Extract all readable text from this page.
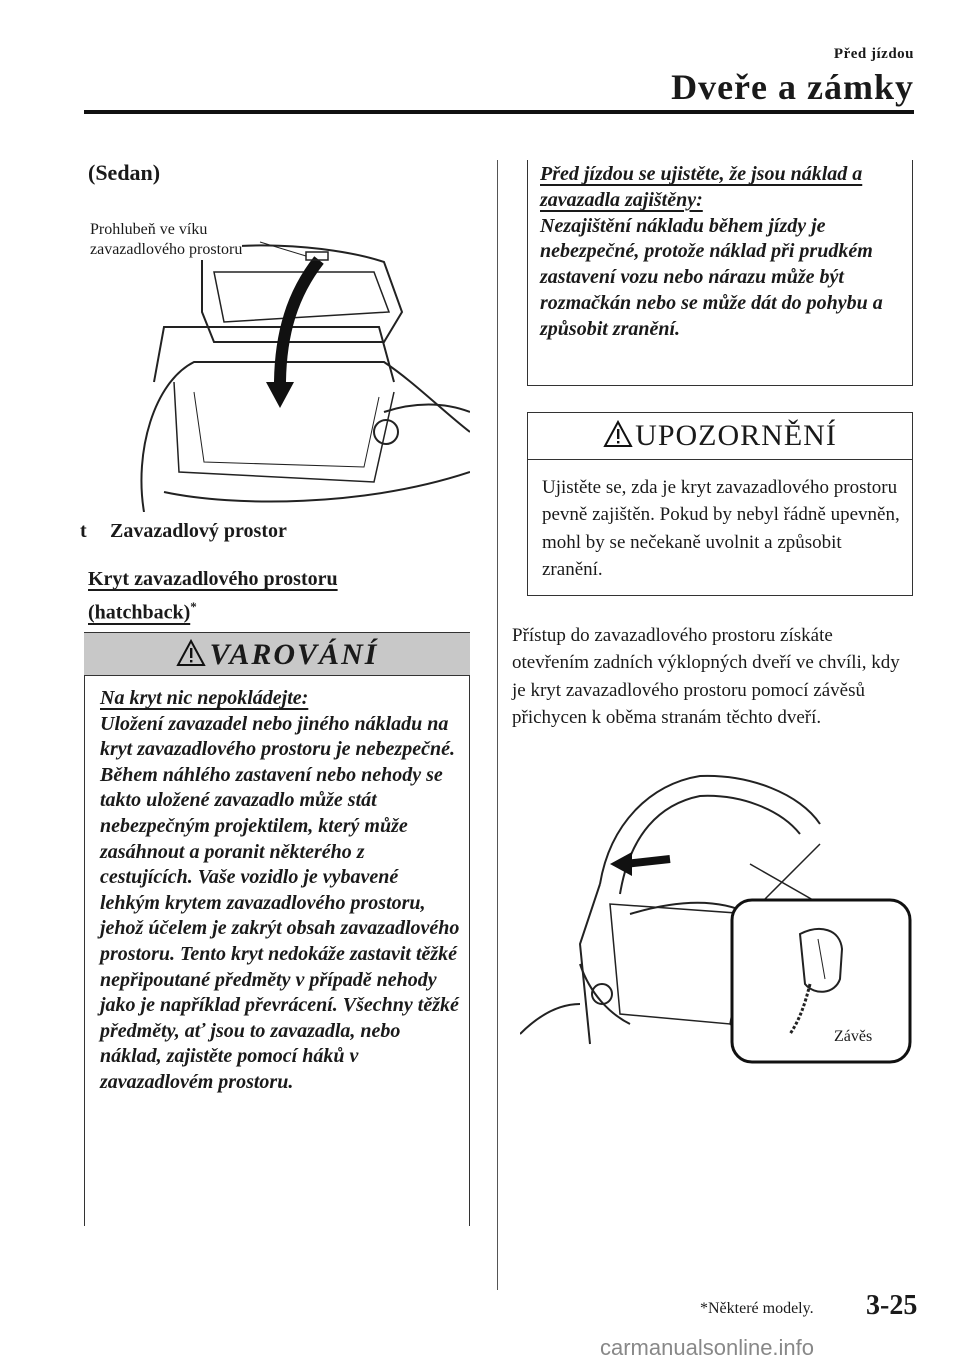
Před jízdou
Dveře a zámky
(Sedan)
Prohlubeň ve víku
zavazadlového prostoru
t Zavazadlový prostor
Kryt zavazadlového prostoru
(hatchback)*
VAROVÁNÍ
Na kryt nic nepokládejte:
Uložení zavazadel nebo jiného nákladu na kryt zavazadlového prostoru je nebezpečné. Během náhlého zastavení nebo nehody se takto uložené zavazadlo může stát nebezpečným projektilem, který může zasáhnout a poranit některého z cestujících. Vaše vozidlo je vybavené lehkým krytem zavazadlového prostoru, jehož účelem je zakrýt obsah zavazadlového prostoru. Tento kryt nedokáže zastavit těžké nepřipoutané předměty v případě nehody jako je například převrácení. Všechny těžké předměty, ať jsou to zavazadla, nebo náklad, zajistěte pomocí háků v zavazadlovém prostoru.
Před jízdou se ujistěte, že jsou náklad a zavazadla zajištěny:
Nezajištění nákladu během jízdy je nebezpečné, protože náklad při prudkém zastavení vozu nebo nárazu může být rozmačkán nebo se může dát do pohybu a způsobit zranění.
UPOZORNĚNÍ
Ujistěte se, zda je kryt zavazadlového prostoru pevně zajištěn. Pokud by nebyl řádně upevněn, mohl by se nečekaně uvolnit a způsobit zranění.
Přístup do zavazadlového prostoru získáte otevřením zadních výklopných dveří ve chvíli, kdy je kryt zavazadlového prostoru pomocí závěsů přichycen k oběma stranám těchto dveří.
Závěs
*Některé modely. 3-25
carmanualsonline.info
